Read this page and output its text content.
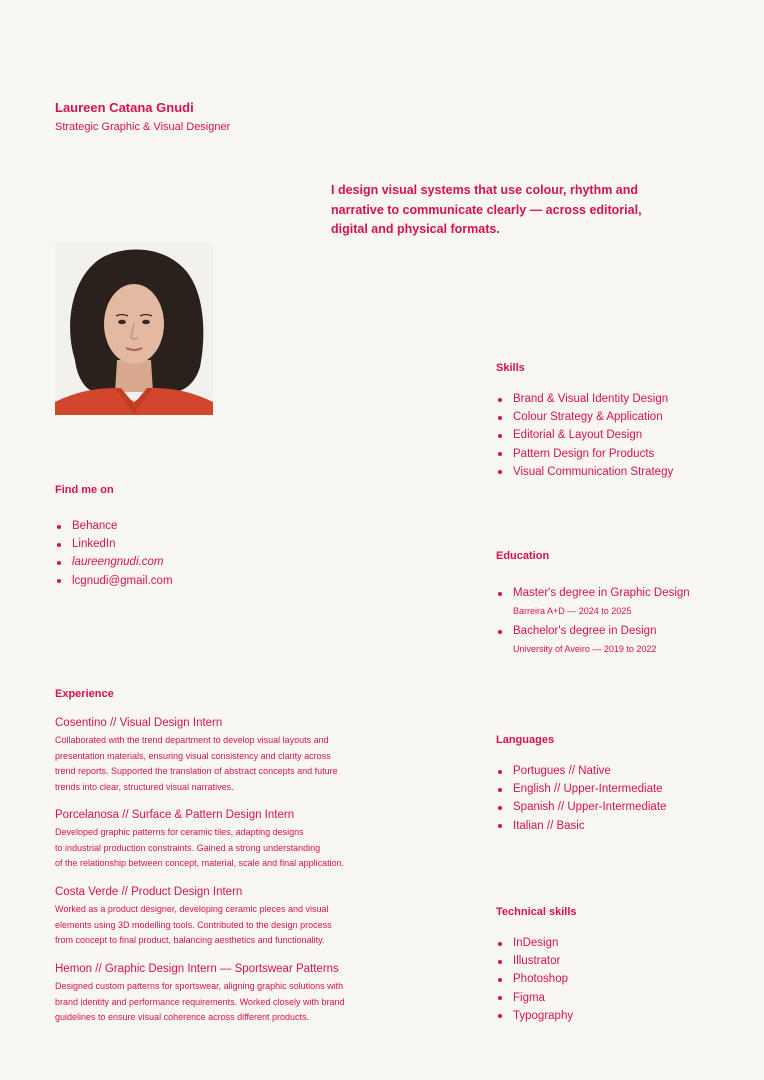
Laureen Catana Gnudi
Strategic Graphic & Visual Designer
I design visual systems that use colour, rhythm and narrative to communicate clearly — across editorial, digital and physical formats.
Find me on
Behance
LinkedIn
laureengnudi.com
lcgnudi@gmail.com
Experience
Cosentino // Visual Design Intern
Collaborated with the trend department to develop visual layouts and
presentation materials, ensuring visual consistency and clarity across
trend reports. Supported the translation of abstract concepts and future
trends into clear, structured visual narratives.
Porcelanosa // Surface & Pattern Design Intern
Developed graphic patterns for ceramic tiles, adapting designs
to industrial production constraints. Gained a strong understanding
of the relationship between concept, material, scale and final application.
Costa Verde // Product Design Intern
Worked as a product designer, developing ceramic pieces and visual
elements using 3D modelling tools. Contributed to the design process
from concept to final product, balancing aesthetics and functionality.
Hemon // Graphic Design Intern — Sportswear Patterns
Designed custom patterns for sportswear, aligning graphic solutions with
brand identity and performance requirements. Worked closely with brand
guidelines to ensure visual coherence across different products.
Skills
Brand & Visual Identity Design
Colour Strategy & Application
Editorial & Layout Design
Pattern Design for Products
Visual Communication Strategy
Education
Master's degree in Graphic Design
Barreira A+D — 2024 to 2025
Bachelor's degree in Design
University of Aveiro — 2019 to 2022
Languages
Portugues // Native
English // Upper-Intermediate
Spanish // Upper-Intermediate
Italian // Basic
Technical skills
InDesign
Illustrator
Photoshop
Figma
Typography
